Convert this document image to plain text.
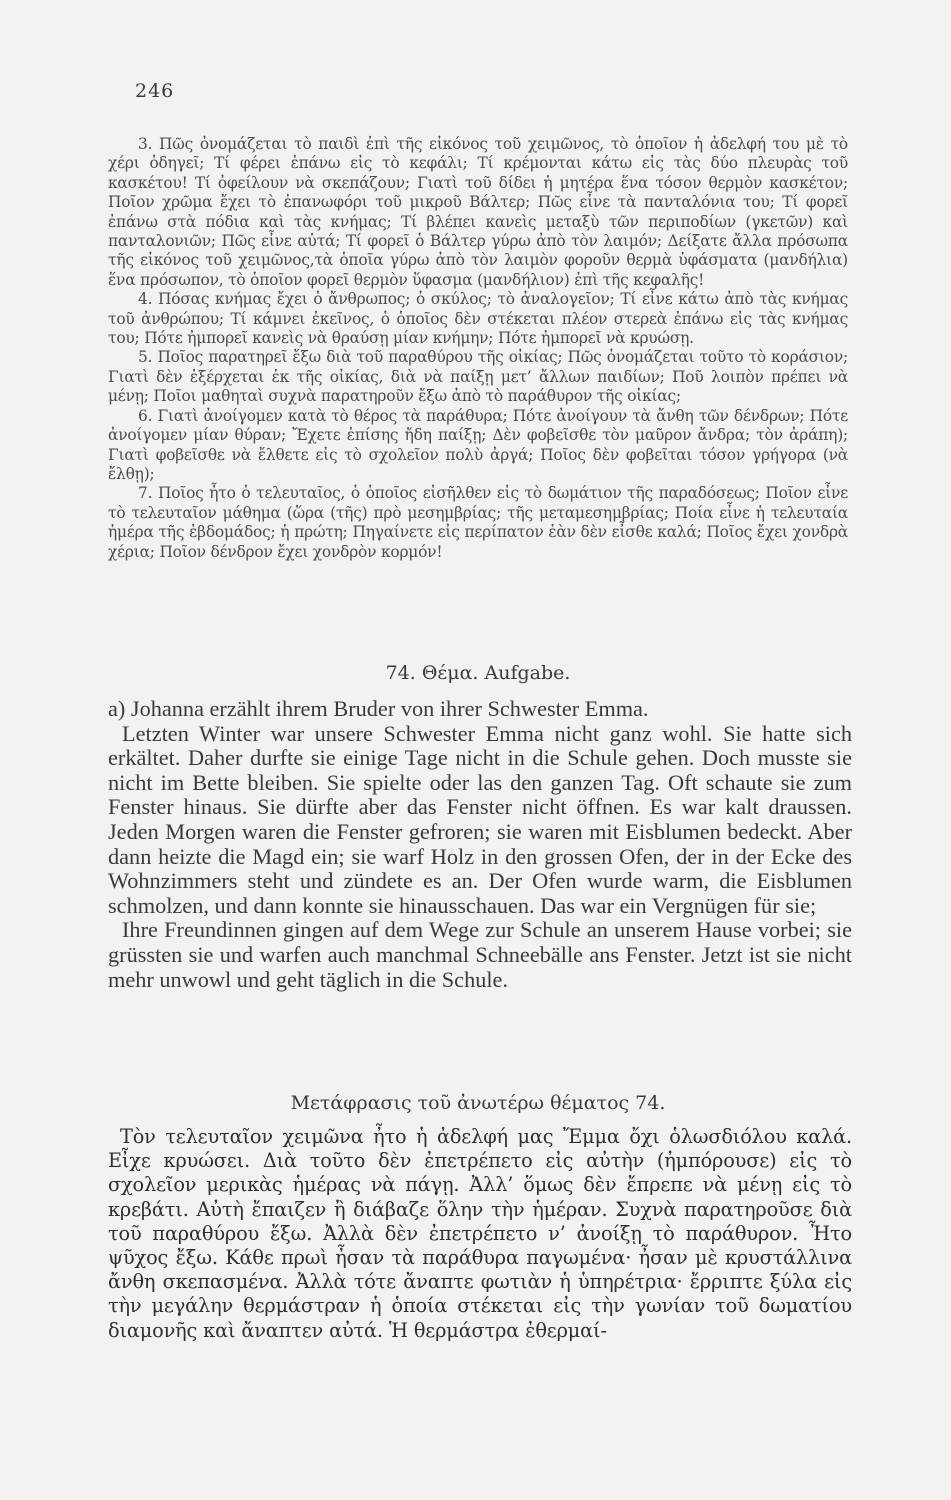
246

3. Πῶς ὀνομάζεται τὸ παιδὶ ἐπὶ τῆς εἰκόνος τοῦ χειμῶνος, τὸ ὁποῖον ἡ ἀδελφή του μὲ τὸ χέρι ὁδηγεῖ; Τί φέρει ἐπάνω εἰς τὸ κεφάλι; Τί κρέμονται κάτω εἰς τὰς δύο πλευρὰς τοῦ κασκέτου! Τί ὀφείλουν νὰ σκεπάζουν; Γιατὶ τοῦ δίδει ἡ μητέρα ἕνα τόσον θερμὸν κασκέτον; Ποῖον χρῶμα ἔχει τὸ ἐπανωφόρι τοῦ μικροῦ Βάλτερ; Πῶς εἶνε τὰ πανταλόνια του; Τί φορεῖ ἐπάνω στὰ πόδια καὶ τὰς κνήμας; Τί βλέπει κανεὶς μεταξὺ τῶν περιποδίων (γκετῶν) καὶ πανταλονιῶν; Πῶς εἶνε αὐτά; Τί φορεῖ ὁ Βάλτερ γύρω ἀπὸ τὸν λαιμόν; Δείξατε ἄλλα πρόσωπα τῆς εἰκόνος τοῦ χειμῶνος,τὰ ὁποῖα γύρω ἀπὸ τὸν λαιμὸν φοροῦν θερμὰ ὑφάσματα (μανδήλια) ἕνα πρόσωπον, τὸ ὁποῖον φορεῖ θερμὸν ὕφασμα (μανδήλιον) ἐπὶ τῆς κεφαλῆς!

4. Πόσας κνήμας ἔχει ὁ ἄνθρωπος; ὁ σκύλος; τὸ ἀναλογεῖον; Τί εἶνε κάτω ἀπὸ τὰς κνήμας τοῦ ἀνθρώπου; Τί κάμνει ἐκεῖνος, ὁ ὁποῖος δὲν στέκεται πλέον στερεὰ ἐπάνω εἰς τὰς κνήμας του; Πότε ἠμπορεῖ κανεὶς νὰ θραύσῃ μίαν κνήμην; Πότε ἠμπορεῖ νὰ κρυώσῃ.

5. Ποῖος παρατηρεῖ ἔξω διὰ τοῦ παραθύρου τῆς οἰκίας; Πῶς ὀνομάζεται τοῦτο τὸ κοράσιον; Γιατὶ δὲν ἐξέρχεται ἐκ τῆς οἰκίας, διὰ νὰ παίξῃ μετ’ ἄλλων παιδίων; Ποῦ λοιπὸν πρέπει νὰ μένῃ; Ποῖοι μαθηταὶ συχνὰ παρατηροῦν ἔξω ἀπὸ τὸ παράθυρον τῆς οἰκίας;

6. Γιατὶ ἀνοίγομεν κατὰ τὸ θέρος τὰ παράθυρα; Πότε ἀνοίγουν τὰ ἄνθη τῶν δένδρων; Πότε ἀνοίγομεν μίαν θύραν; Ἔχετε ἐπίσης ἤδη παίξῃ; Δὲν φοβεῖσθε τὸν μαῦρον ἄνδρα; τὸν ἀράπη); Γιατὶ φοβεῖσθε νὰ ἔλθετε εἰς τὸ σχολεῖον πολὺ ἀργά; Ποῖος δὲν φοβεῖται τόσον γρήγορα (νὰ ἔλθῃ);

7. Ποῖος ἦτο ὁ τελευταῖος, ὁ ὁποῖος εἰσῆλθεν εἰς τὸ δωμάτιον τῆς παραδόσεως; Ποῖον εἶνε τὸ τελευταῖον μάθημα (ὥρα (τῆς) πρὸ μεσημβρίας; τῆς μεταμεσημβρίας; Ποία εἶνε ἡ τελευταία ἡμέρα τῆς ἑβδομάδος; ἡ πρώτη; Πηγαίνετε εἰς περίπατον ἐὰν δὲν εἶσθε καλά; Ποῖος ἔχει χονδρὰ χέρια; Ποῖον δένδρον ἔχει χονδρὸν κορμόν!

74. Θέμα. Aufgabe.

a) Johanna erzählt ihrem Bruder von ihrer Schwester Emma.

Letzten Winter war unsere Schwester Emma nicht ganz wohl. Sie hatte sich erkältet. Daher durfte sie einige Tage nicht in die Schule gehen. Doch musste sie nicht im Bette bleiben. Sie spielte oder las den ganzen Tag. Oft schaute sie zum Fenster hinaus. Sie dürfte aber das Fenster nicht öffnen. Es war kalt draussen. Jeden Morgen waren die Fenster gefroren; sie waren mit Eisblumen bedeckt. Aber dann heizte die Magd ein; sie warf Holz in den grossen Ofen, der in der Ecke des Wohnzimmers steht und zündete es an. Der Ofen wurde warm, die Eisblumen schmolzen, und dann konnte sie hinausschauen. Das war ein Vergnügen für sie;

Ihre Freundinnen gingen auf dem Wege zur Schule an unserem Hause vorbei; sie grüssten sie und warfen auch manchmal Schneebälle ans Fenster. Jetzt ist sie nicht mehr unwowl und geht täglich in die Schule.

Μετάφρασις τοῦ ἀνωτέρω θέματος 74.

Τὸν τελευταῖον χειμῶνα ἦτο ἡ ἀδελφή μας Ἔμμα ὄχι ὁλωσδιόλου καλά. Εἶχε κρυώσει. Διὰ τοῦτο δὲν ἐπετρέπετο εἰς αὐτὴν (ἠμπόρουσε) εἰς τὸ σχολεῖον μερικὰς ἡμέρας νὰ πάγῃ. Ἀλλ’ ὅμως δὲν ἔπρεπε νὰ μένῃ εἰς τὸ κρεβάτι. Αὐτὴ ἔπαιζεν ἢ διάβαζε ὅλην τὴν ἡμέραν. Συχνὰ παρατηροῦσε διὰ τοῦ παραθύρου ἔξω. Ἀλλὰ δὲν ἐπετρέπετο ν’ ἀνοίξῃ τὸ παράθυρον. Ἦτο ψῦχος ἔξω. Κάθε πρωὶ ἦσαν τὰ παράθυρα παγωμένα· ἦσαν μὲ κρυστάλλινα ἄνθη σκεπασμένα. Ἀλλὰ τότε ἄναπτε φωτιὰν ἡ ὑπηρέτρια· ἔρριπτε ξύλα εἰς τὴν μεγάλην θερμάστραν ἡ ὁποία στέκεται εἰς τὴν γωνίαν τοῦ δωματίου διαμονῆς καὶ ἄναπτεν αὐτά. Ἡ θερμάστρα ἐθερμαί-
